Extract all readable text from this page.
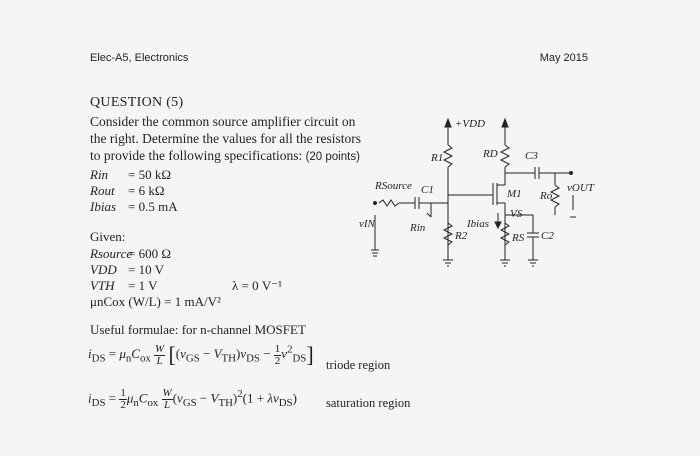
Elec-A5, Electronics	May 2015
QUESTION (5)
Consider the common source amplifier circuit on
the right. Determine the values for all the resistors
to provide the following specifications: (20 points)
Rin = 50 kΩ
Rout = 6 kΩ
Ibias = 0.5 mA
Given:
Rsource= 600 Ω
VDD = 10 V
VTH = 1 V	λ = 0 V⁻¹
μnCox (W/L) = 1 mA/V²
Useful formulae: for n-channel MOSFET
$i_{DS} = \mu_nC_{ox} \frac{W}{L} [(v_{GS} - V_{TH})v_{DS} - \frac{1}{2} v^2_{DS}]$ triode region
$i_{DS} = \frac{1}{2} \mu_nC_{ox} \frac{W}{L} (v_{GS} - V_{TH})^2(1 + \lambda v_{DS})$ saturation region
+VDD
R1	RD C3
C1	M1 Ro
vOUT
RSource
vIN	Rin	Ibias
VS
R2	RS C2
